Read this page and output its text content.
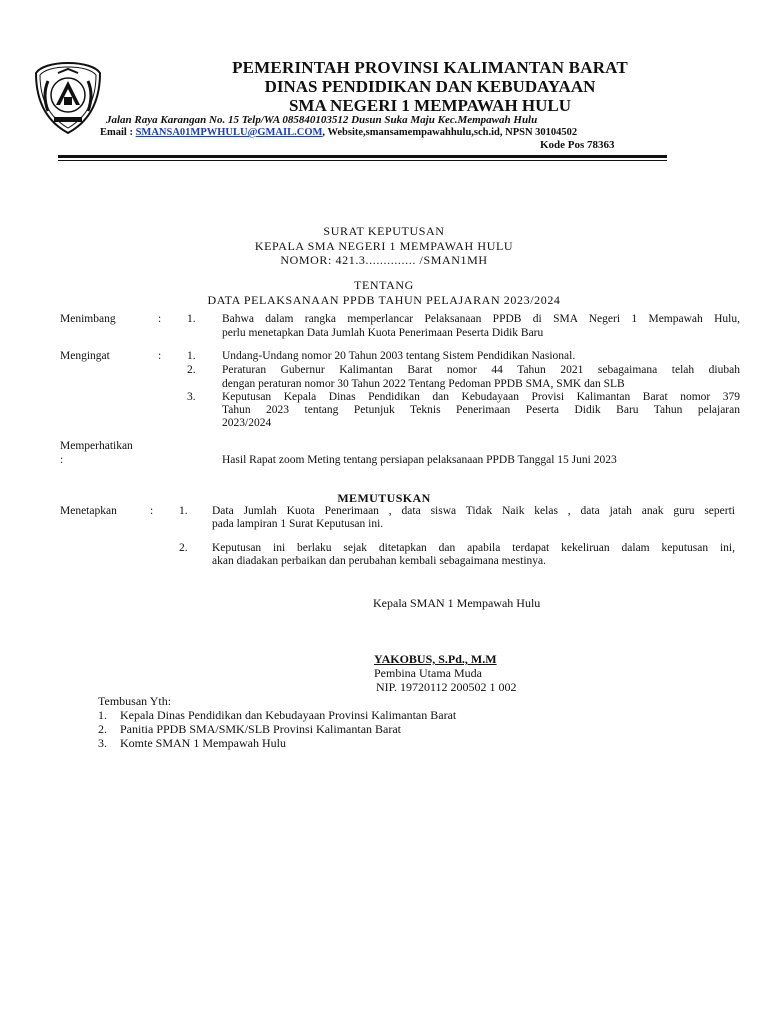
PEMERINTAH PROVINSI KALIMANTAN BARAT
DINAS PENDIDIKAN DAN KEBUDAYAAN
SMA NEGERI 1 MEMPAWAH HULU
Jalan Raya Karangan No. 15 Telp/WA 085840103512 Dusun Suka Maju Kec.Mempawah Hulu
Email : SMANSA01MPWHULU@GMAIL.COM, Website,smansamempawahhulu,sch.id, NPSN 30104502
Kode Pos 78363
SURAT KEPUTUSAN
KEPALA SMA NEGERI 1 MEMPAWAH HULU
NOMOR: 421.3.............. /SMAN1MH
TENTANG
DATA PELAKSANAAN PPDB TAHUN PELAJARAN 2023/2024
Menimbang	: 1. Bahwa dalam rangka memperlancar Pelaksanaan PPDB di SMA Negeri 1 Mempawah Hulu,
perlu menetapkan Data Jumlah Kuota Penerimaan Peserta Didik Baru
Mengingat	: 1. Undang-Undang nomor 20 Tahun 2003 tentang Sistem Pendidikan Nasional.
2. Peraturan Gubernur Kalimantan Barat nomor 44 Tahun 2021 sebagaimana telah diubah
dengan peraturan nomor 30 Tahun 2022 Tentang Pedoman PPDB SMA, SMK dan SLB
3. Keputusan Kepala Dinas Pendidikan dan Kebudayaan Provisi Kalimantan Barat nomor 379
Tahun 2023 tentang Petunjuk Teknis Penerimaan Peserta Didik Baru Tahun pelajaran
2023/2024
Memperhatikan
:	Hasil Rapat zoom Meting tentang persiapan pelaksanaan PPDB Tanggal 15 Juni 2023
MEMUTUSKAN
Menetapkan	: 1. Data Jumlah Kuota Penerimaan , data siswa Tidak Naik kelas , data jatah anak guru seperti
pada lampiran 1 Surat Keputusan ini.
2. Keputusan ini berlaku sejak ditetapkan dan apabila terdapat kekeliruan dalam keputusan ini,
akan diadakan perbaikan dan perubahan kembali sebagaimana mestinya.
Kepala SMAN 1 Mempawah Hulu
YAKOBUS, S.Pd., M.M
Pembina Utama Muda
NIP. 19720112 200502 1 002
Tembusan Yth:
1. Kepala Dinas Pendidikan dan Kebudayaan Provinsi Kalimantan Barat
2. Panitia PPDB SMA/SMK/SLB Provinsi Kalimantan Barat
3. Komte SMAN 1 Mempawah Hulu
